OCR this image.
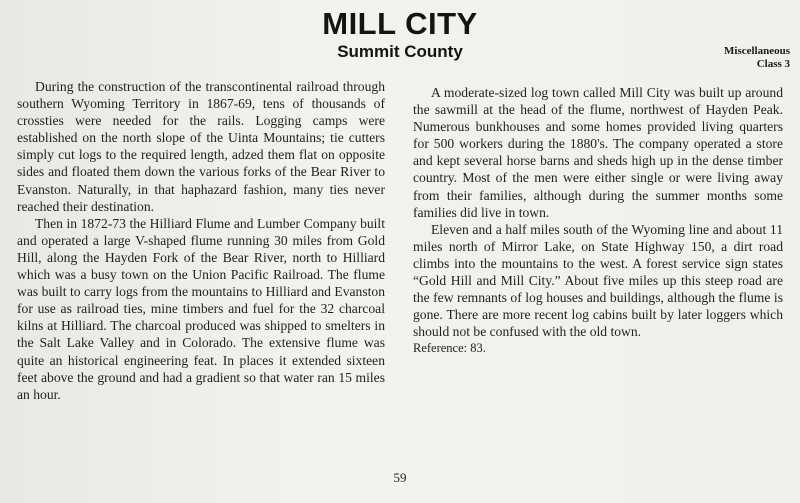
MILL CITY
Summit County	Miscellaneous
Class 3

During the construction of the transcontinental railroad through southern Wyoming Territory in 1867-69, tens of thousands of crossties were needed for the rails. Logging camps were established on the north slope of the Uinta Mountains; tie cutters simply cut logs to the required length, adzed them flat on opposite sides and floated them down the various forks of the Bear River to Evanston. Naturally, in that haphazard fashion, many ties never reached their destination.

Then in 1872-73 the Hilliard Flume and Lumber Company built and operated a large V-shaped flume running 30 miles from Gold Hill, along the Hayden Fork of the Bear River, north to Hilliard which was a busy town on the Union Pacific Railroad. The flume was built to carry logs from the mountains to Hilliard and Evanston for use as railroad ties, mine timbers and fuel for the 32 charcoal kilns at Hilliard. The charcoal produced was shipped to smelters in the Salt Lake Valley and in Colorado. The extensive flume was quite an historical engineering feat. In places it extended sixteen feet above the ground and had a gradient so that water ran 15 miles an hour.

A moderate-sized log town called Mill City was built up around the sawmill at the head of the flume, northwest of Hayden Peak. Numerous bunkhouses and some homes provided living quarters for 500 workers during the 1880's. The company operated a store and kept several horse barns and sheds high up in the dense timber country. Most of the men were either single or were living away from their families, although during the summer months some families did live in town.

Eleven and a half miles south of the Wyoming line and about 11 miles north of Mirror Lake, on State Highway 150, a dirt road climbs into the mountains to the west. A forest service sign states “Gold Hill and Mill City.” About five miles up this steep road are the few remnants of log houses and buildings, although the flume is gone. There are more recent log cabins built by later loggers which should not be confused with the old town.

Reference: 83.

59
